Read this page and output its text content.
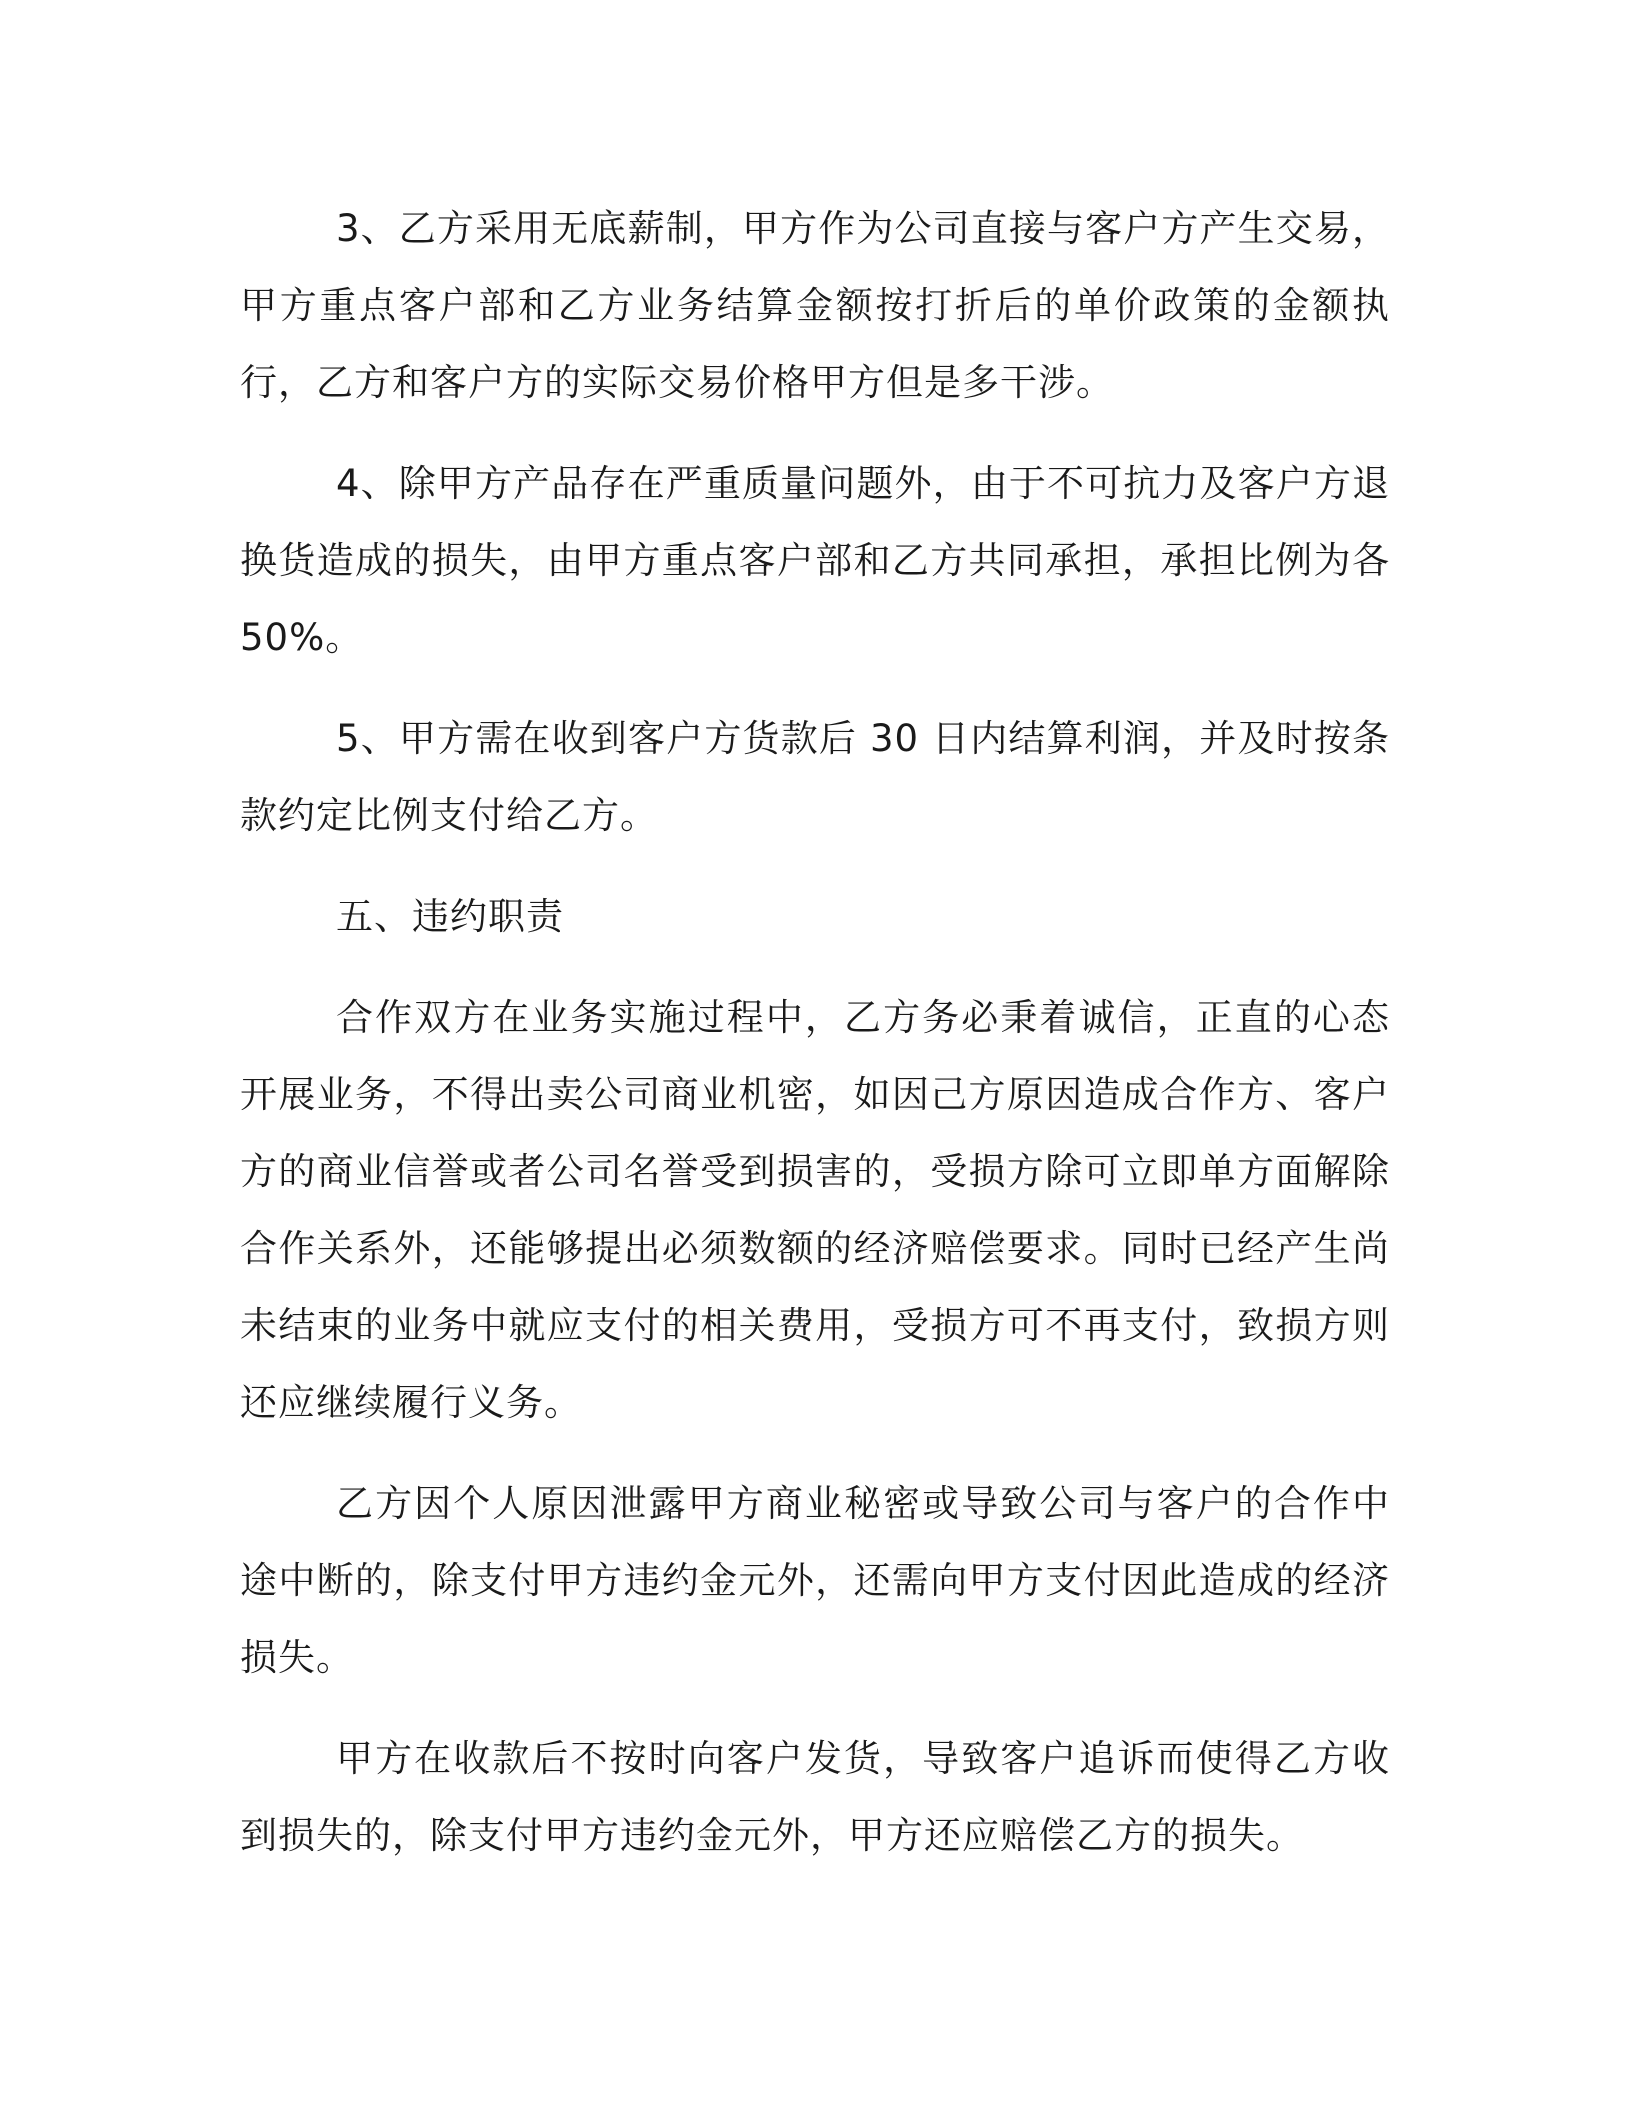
3、乙方采用无底薪制，甲方作为公司直接与客户方产生交易，甲方重点客户部和乙方业务结算金额按打折后的单价政策的金额执行，乙方和客户方的实际交易价格甲方但是多干涉。

4、除甲方产品存在严重质量问题外，由于不可抗力及客户方退换货造成的损失，由甲方重点客户部和乙方共同承担，承担比例为各50%。

5、甲方需在收到客户方货款后 30 日内结算利润，并及时按条款约定比例支付给乙方。

五、违约职责

合作双方在业务实施过程中，乙方务必秉着诚信，正直的心态开展业务，不得出卖公司商业机密，如因己方原因造成合作方、客户方的商业信誉或者公司名誉受到损害的，受损方除可立即单方面解除合作关系外，还能够提出必须数额的经济赔偿要求。同时已经产生尚未结束的业务中就应支付的相关费用，受损方可不再支付，致损方则还应继续履行义务。

乙方因个人原因泄露甲方商业秘密或导致公司与客户的合作中途中断的，除支付甲方违约金元外，还需向甲方支付因此造成的经济损失。

甲方在收款后不按时向客户发货，导致客户追诉而使得乙方收到损失的，除支付甲方违约金元外，甲方还应赔偿乙方的损失。
